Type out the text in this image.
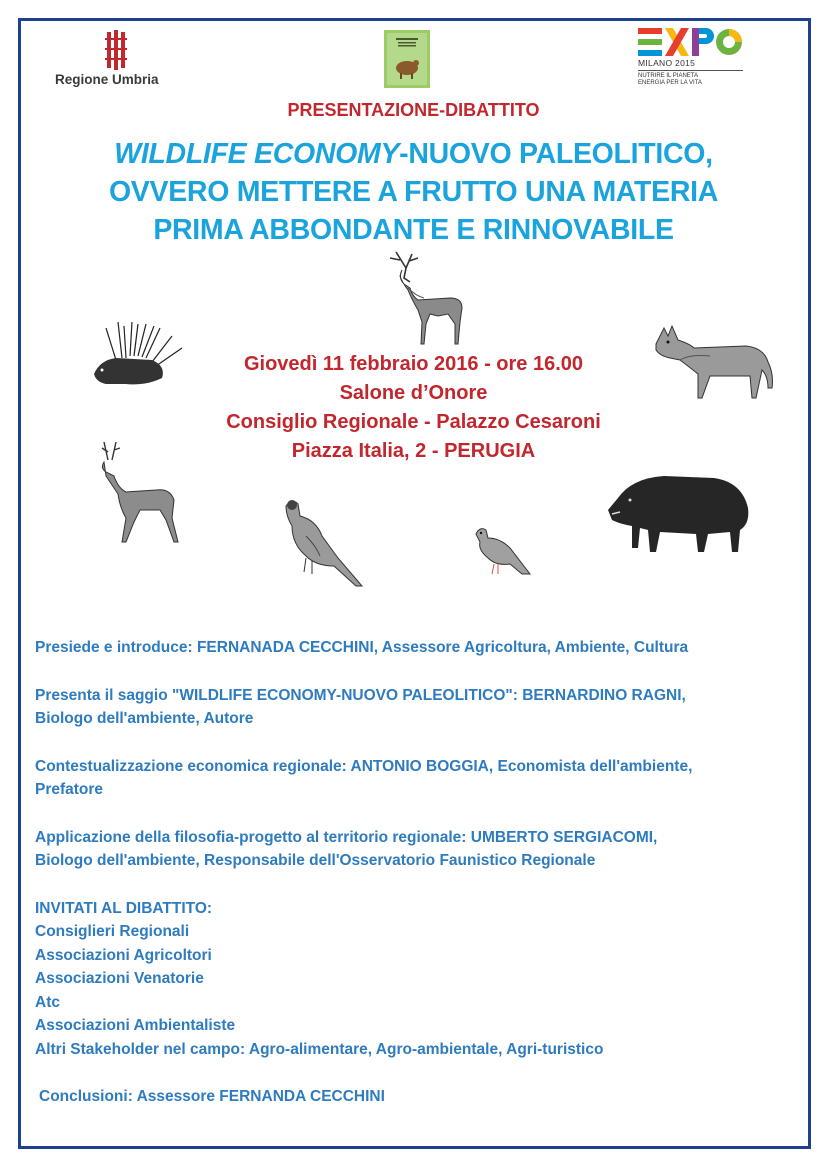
Regione Umbria
MILANO 2015
NUTRIRE IL PIANETA
ENERGIA PER LA VITA
PRESENTAZIONE-DIBATTITO
WILDLIFE ECONOMY-NUOVO PALEOLITICO,
OVVERO METTERE A FRUTTO UNA MATERIA
PRIMA ABBONDANTE E RINNOVABILE
Giovedì 11 febbraio 2016 - ore 16.00
Salone d’Onore
Consiglio Regionale - Palazzo Cesaroni
Piazza Italia, 2 - PERUGIA

Presiede e introduce: FERNANADA CECCHINI, Assessore Agricoltura, Ambiente, Cultura

Presenta il saggio "WILDLIFE ECONOMY-NUOVO PALEOLITICO": BERNARDINO RAGNI,

Biologo dell'ambiente, Autore

Contestualizzazione economica regionale: ANTONIO BOGGIA, Economista dell'ambiente,

Prefatore

Applicazione della filosofia-progetto al territorio regionale: UMBERTO SERGIACOMI,

Biologo dell'ambiente, Responsabile dell'Osservatorio Faunistico Regionale

INVITATI AL DIBATTITO:

Consiglieri Regionali

Associazioni Agricoltori

Associazioni Venatorie

Atc

Associazioni Ambientaliste

Altri Stakeholder nel campo: Agro-alimentare, Agro-ambientale, Agri-turistico

Conclusioni: Assessore FERNANDA CECCHINI
